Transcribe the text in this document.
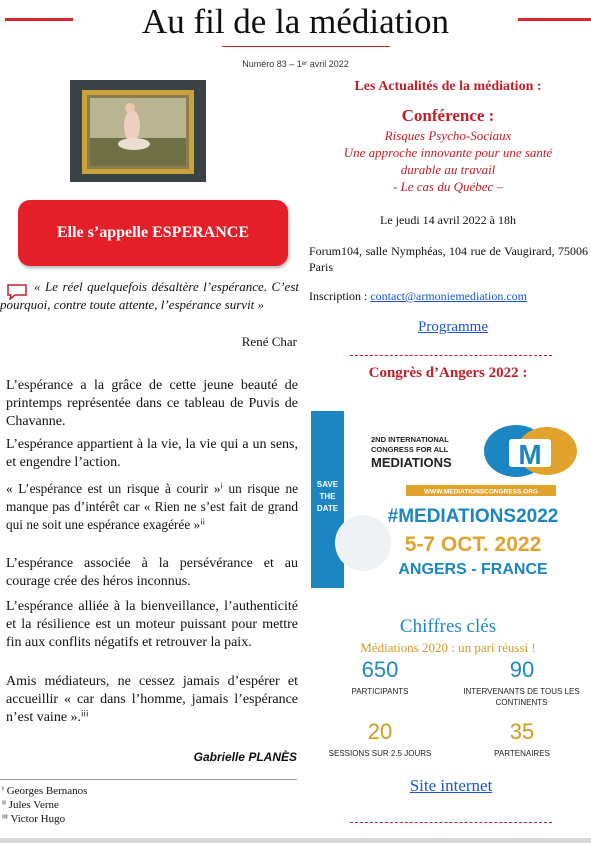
Au fil de la médiation
Numéro 83 – 1ᵉʳ avril 2022
Elle s’appelle ESPERANCE
« Le réel quelquefois désaltère l’espérance. C’est pourquoi, contre toute attente, l’espérance survit »
René Char

L’espérance a la grâce de cette jeune beauté de printemps représentée dans ce tableau de Puvis de Chavanne.

L’espérance appartient à la vie, la vie qui a un sens, et engendre l’action.

« L’espérance est un risque à courir »ⁱ un risque ne manque pas d’intérêt car « Rien ne s’est fait de grand qui ne soit une espérance exagérée »ⁱⁱ

L’espérance associée à la persévérance et au courage crée des héros inconnus.

L’espérance alliée à la bienveillance, l’authenticité et la résilience est un moteur puissant pour mettre fin aux conflits négatifs et retrouver la paix.

Amis médiateurs, ne cessez jamais d’espérer et accueillir « car dans l’homme, jamais l’espérance n’est vaine ».ⁱⁱⁱ

Gabrielle PLANÈS
ⁱ Georges Bernanos
ⁱⁱ Jules Verne
ⁱⁱⁱ Victor Hugo
Les Actualités de la médiation :
Conférence :
Risques Psycho-Sociaux
Une approche innovante pour une santé
durable au travail
- Le cas du Québec –
Le jeudi 14 avril 2022 à 18h
Forum104, salle Nymphéas, 104 rue de Vaugirard, 75006 Paris
Inscription : contact@armoniemediation.com
Programme
Congrès d’Angers 2022 :
SAVE
THE
DATE
2ND INTERNATIONAL
CONGRESS FOR ALL
MEDIATIONS M
WWW.MEDIATIONSCONGRESS.ORG
#MEDIATIONS2022
5-7 OCT. 2022
ANGERS - FRANCE
Chiffres clés
Médiations 2020 : un pari réussi !
650
PARTICIPANTS
90
INTERVENANTS DE TOUS LES CONTINENTS
20
SESSIONS SUR 2.5 JOURS
35
PARTENAIRES
Site internet
